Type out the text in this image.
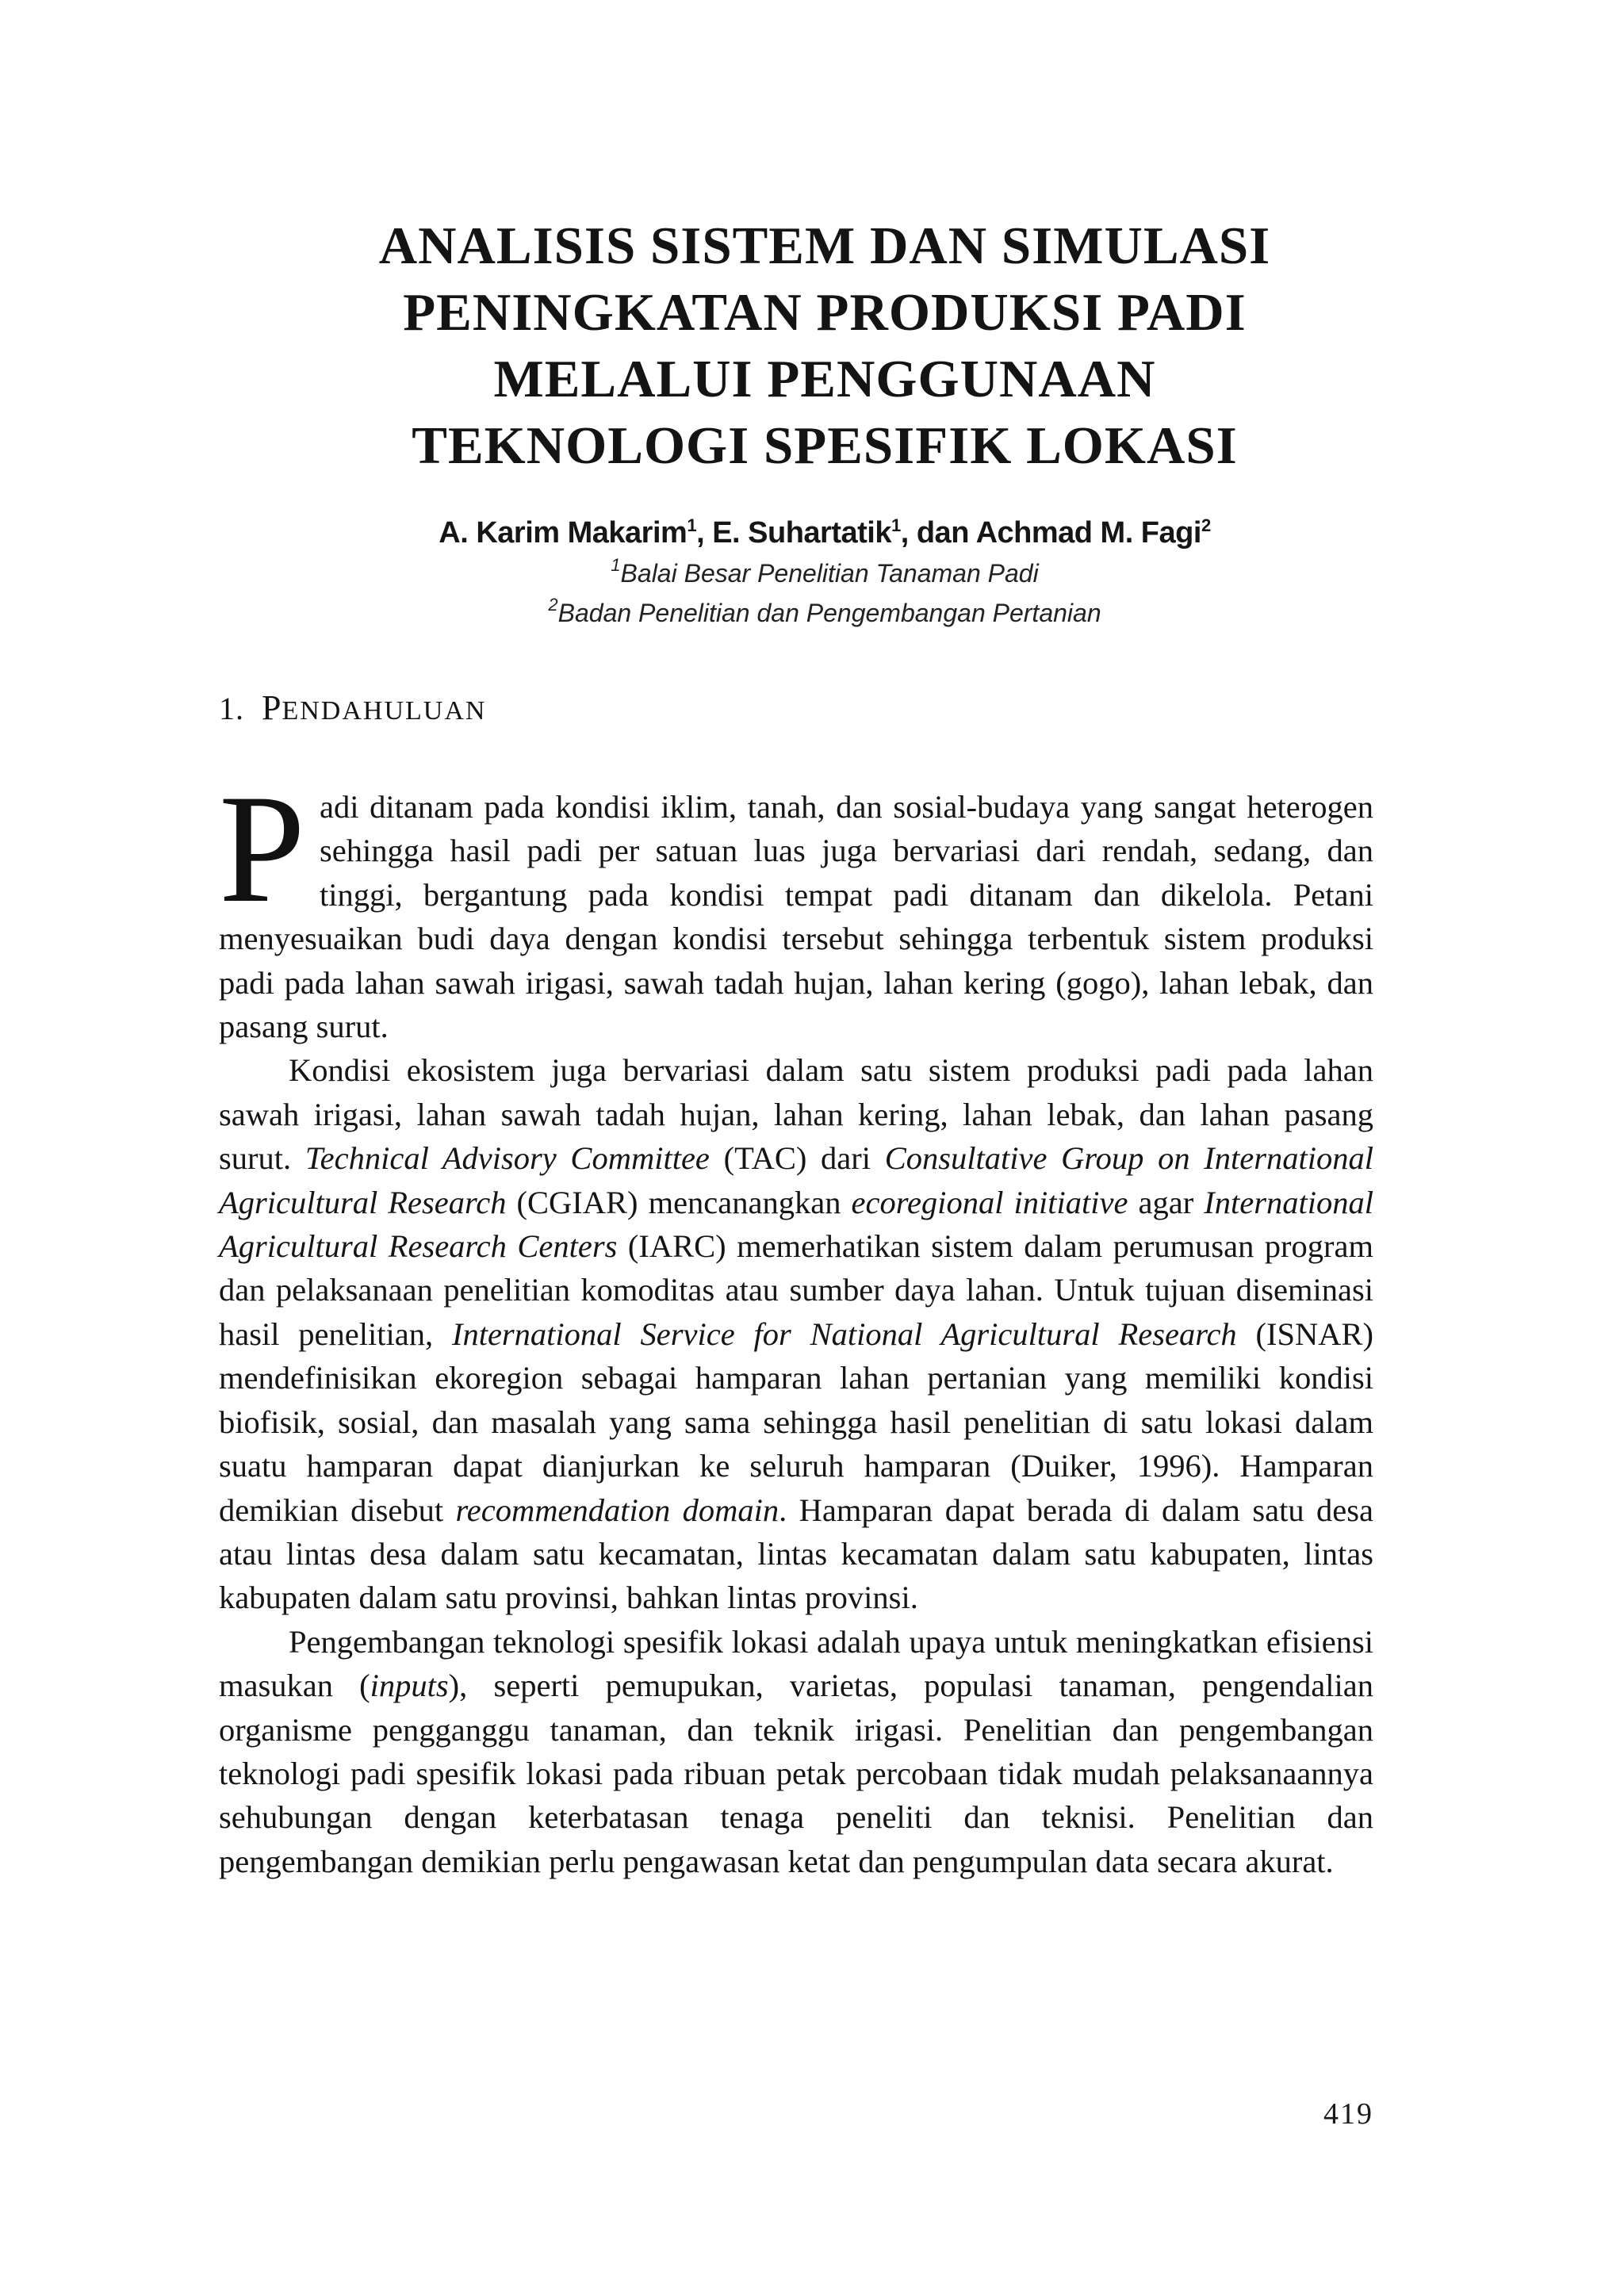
ANALISIS SISTEM DAN SIMULASI
PENINGKATAN PRODUKSI PADI
MELALUI PENGGUNAAN
TEKNOLOGI SPESIFIK LOKASI
A. Karim Makarim$^1$, E. Suhartatik$^1$, dan Achmad M. Fagi$^2$
$^1$Balai Besar Penelitian Tanaman Padi
$^2$Badan Penelitian dan Pengembangan Pertanian
1. PENDAHULUAN

Padi ditanam pada kondisi iklim, tanah, dan sosial-budaya yang sangat heterogen sehingga hasil padi per satuan luas juga bervariasi dari rendah, sedang, dan tinggi, bergantung pada kondisi tempat padi ditanam dan dikelola. Petani menyesuaikan budi daya dengan kondisi tersebut sehingga terbentuk sistem produksi padi pada lahan sawah irigasi, sawah tadah hujan, lahan kering (gogo), lahan lebak, dan pasang surut.

Kondisi ekosistem juga bervariasi dalam satu sistem produksi padi pada lahan sawah irigasi, lahan sawah tadah hujan, lahan kering, lahan lebak, dan lahan pasang surut. Technical Advisory Committee (TAC) dari Consultative Group on International Agricultural Research (CGIAR) mencanangkan ecoregional initiative agar International Agricultural Research Centers (IARC) memerhatikan sistem dalam perumusan program dan pelaksanaan penelitian komoditas atau sumber daya lahan. Untuk tujuan diseminasi hasil penelitian, International Service for National Agricultural Research (ISNAR) mendefinisikan ekoregion sebagai hamparan lahan pertanian yang memiliki kondisi biofisik, sosial, dan masalah yang sama sehingga hasil penelitian di satu lokasi dalam suatu hamparan dapat dianjurkan ke seluruh hamparan (Duiker, 1996). Hamparan demikian disebut recommendation domain. Hamparan dapat berada di dalam satu desa atau lintas desa dalam satu kecamatan, lintas kecamatan dalam satu kabupaten, lintas kabupaten dalam satu provinsi, bahkan lintas provinsi.

Pengembangan teknologi spesifik lokasi adalah upaya untuk meningkatkan efisiensi masukan (inputs), seperti pemupukan, varietas, populasi tanaman, pengendalian organisme pengganggu tanaman, dan teknik irigasi. Penelitian dan pengembangan teknologi padi spesifik lokasi pada ribuan petak percobaan tidak mudah pelaksanaannya sehubungan dengan keterbatasan tenaga peneliti dan teknisi. Penelitian dan pengembangan demikian perlu pengawasan ketat dan pengumpulan data secara akurat.

419
